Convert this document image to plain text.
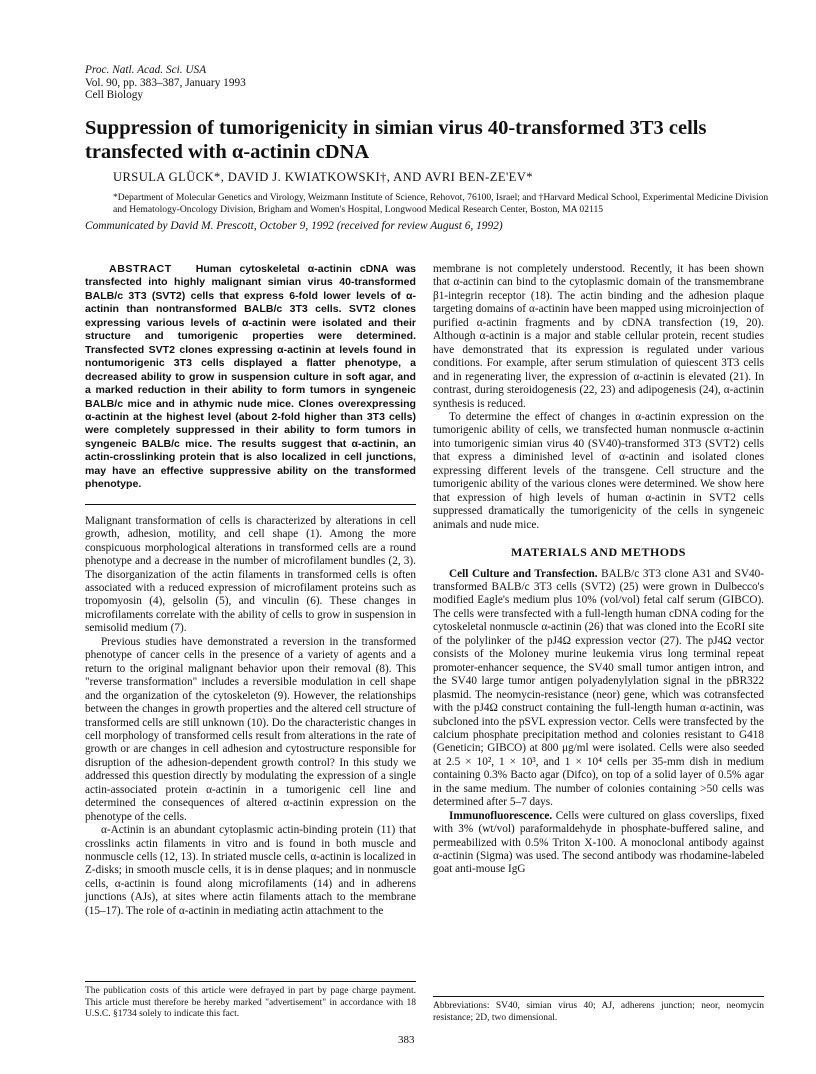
Proc. Natl. Acad. Sci. USA
Vol. 90, pp. 383–387, January 1993
Cell Biology
Suppression of tumorigenicity in simian virus 40-transformed 3T3 cells transfected with α-actinin cDNA
URSULA GLÜCK*, DAVID J. KWIATKOWSKI†, AND AVRI BEN-ZE'EV*
*Department of Molecular Genetics and Virology, Weizmann Institute of Science, Rehovot, 76100, Israel; and †Harvard Medical School, Experimental Medicine Division and Hematology-Oncology Division, Brigham and Women's Hospital, Longwood Medical Research Center, Boston, MA 02115
Communicated by David M. Prescott, October 9, 1992 (received for review August 6, 1992)

ABSTRACT Human cytoskeletal α-actinin cDNA was transfected into highly malignant simian virus 40-transformed BALB/c 3T3 (SVT2) cells that express 6-fold lower levels of α-actinin than nontransformed BALB/c 3T3 cells. SVT2 clones expressing various levels of α-actinin were isolated and their structure and tumorigenic properties were determined. Transfected SVT2 clones expressing α-actinin at levels found in nontumorigenic 3T3 cells displayed a flatter phenotype, a decreased ability to grow in suspension culture in soft agar, and a marked reduction in their ability to form tumors in syngeneic BALB/c mice and in athymic nude mice. Clones overexpressing α-actinin at the highest level (about 2-fold higher than 3T3 cells) were completely suppressed in their ability to form tumors in syngeneic BALB/c mice. The results suggest that α-actinin, an actin-crosslinking protein that is also localized in cell junctions, may have an effective suppressive ability on the transformed phenotype.

Malignant transformation of cells is characterized by alterations in cell growth, adhesion, motility, and cell shape (1). Among the more conspicuous morphological alterations in transformed cells are a round phenotype and a decrease in the number of microfilament bundles (2, 3). The disorganization of the actin filaments in transformed cells is often associated with a reduced expression of microfilament proteins such as tropomyosin (4), gelsolin (5), and vinculin (6). These changes in microfilaments correlate with the ability of cells to grow in suspension in semisolid medium (7).

Previous studies have demonstrated a reversion in the transformed phenotype of cancer cells in the presence of a variety of agents and a return to the original malignant behavior upon their removal (8). This "reverse transformation" includes a reversible modulation in cell shape and the organization of the cytoskeleton (9). However, the relationships between the changes in growth properties and the altered cell structure of transformed cells are still unknown (10). Do the characteristic changes in cell morphology of transformed cells result from alterations in the rate of growth or are changes in cell adhesion and cytostructure responsible for disruption of the adhesion-dependent growth control? In this study we addressed this question directly by modulating the expression of a single actin-associated protein α-actinin in a tumorigenic cell line and determined the consequences of altered α-actinin expression on the phenotype of the cells.

α-Actinin is an abundant cytoplasmic actin-binding protein (11) that crosslinks actin filaments in vitro and is found in both muscle and nonmuscle cells (12, 13). In striated muscle cells, α-actinin is localized in Z-disks; in smooth muscle cells, it is in dense plaques; and in nonmuscle cells, α-actinin is found along microfilaments (14) and in adherens junctions (AJs), at sites where actin filaments attach to the membrane (15–17). The role of α-actinin in mediating actin attachment to the

membrane is not completely understood. Recently, it has been shown that α-actinin can bind to the cytoplasmic domain of the transmembrane β1-integrin receptor (18). The actin binding and the adhesion plaque targeting domains of α-actinin have been mapped using microinjection of purified α-actinin fragments and by cDNA transfection (19, 20). Although α-actinin is a major and stable cellular protein, recent studies have demonstrated that its expression is regulated under various conditions. For example, after serum stimulation of quiescent 3T3 cells and in regenerating liver, the expression of α-actinin is elevated (21). In contrast, during steroidogenesis (22, 23) and adipogenesis (24), α-actinin synthesis is reduced.

To determine the effect of changes in α-actinin expression on the tumorigenic ability of cells, we transfected human nonmuscle α-actinin into tumorigenic simian virus 40 (SV40)-transformed 3T3 (SVT2) cells that express a diminished level of α-actinin and isolated clones expressing different levels of the transgene. Cell structure and the tumorigenic ability of the various clones were determined. We show here that expression of high levels of human α-actinin in SVT2 cells suppressed dramatically the tumorigenicity of the cells in syngeneic animals and nude mice.

MATERIALS AND METHODS

Cell Culture and Transfection. BALB/c 3T3 clone A31 and SV40-transformed BALB/c 3T3 cells (SVT2) (25) were grown in Dulbecco's modified Eagle's medium plus 10% (vol/vol) fetal calf serum (GIBCO). The cells were transfected with a full-length human cDNA coding for the cytoskeletal nonmuscle α-actinin (26) that was cloned into the EcoRI site of the polylinker of the pJ4Ω expression vector (27). The pJ4Ω vector consists of the Moloney murine leukemia virus long terminal repeat promoter-enhancer sequence, the SV40 small tumor antigen intron, and the SV40 large tumor antigen polyadenylylation signal in the pBR322 plasmid. The neomycin-resistance (neor) gene, which was cotransfected with the pJ4Ω construct containing the full-length human α-actinin, was subcloned into the pSVL expression vector. Cells were transfected by the calcium phosphate precipitation method and colonies resistant to G418 (Geneticin; GIBCO) at 800 μg/ml were isolated. Cells were also seeded at 2.5 × 10², 1 × 10³, and 1 × 10⁴ cells per 35-mm dish in medium containing 0.3% Bacto agar (Difco), on top of a solid layer of 0.5% agar in the same medium. The number of colonies containing >50 cells was determined after 5–7 days.

Immunofluorescence. Cells were cultured on glass coverslips, fixed with 3% (wt/vol) paraformaldehyde in phosphate-buffered saline, and permeabilized with 0.5% Triton X-100. A monoclonal antibody against α-actinin (Sigma) was used. The second antibody was rhodamine-labeled goat anti-mouse IgG

The publication costs of this article were defrayed in part by page charge payment. This article must therefore be hereby marked "advertisement" in accordance with 18 U.S.C. §1734 solely to indicate this fact.
Abbreviations: SV40, simian virus 40; AJ, adherens junction; neor, neomycin resistance; 2D, two dimensional.
383
